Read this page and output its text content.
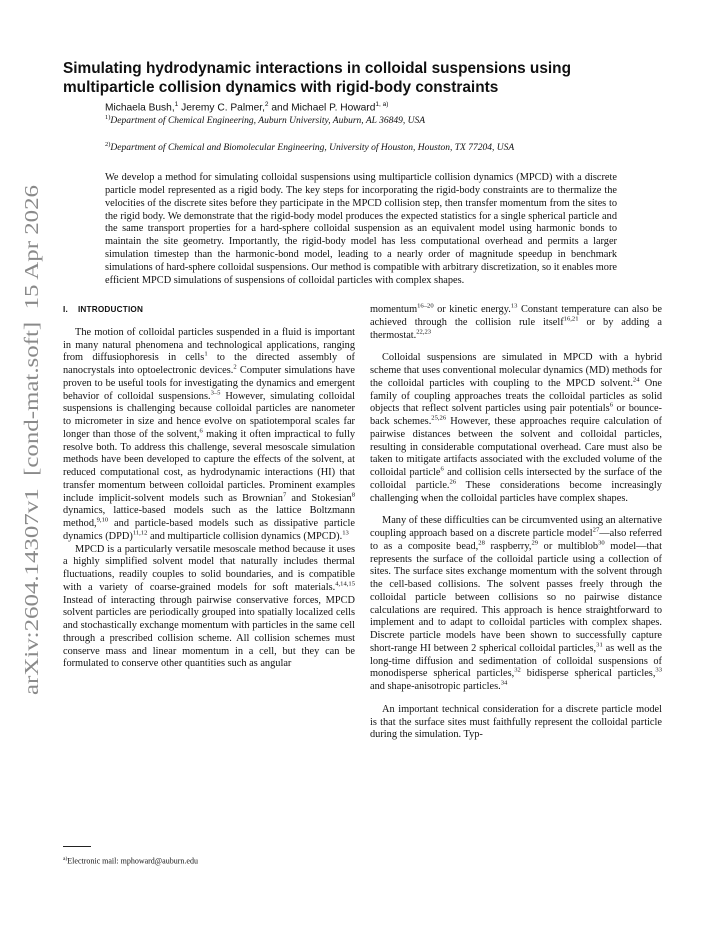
arXiv:2604.14307v1  [cond-mat.soft]  15 Apr 2026
Simulating hydrodynamic interactions in colloidal suspensions using multiparticle collision dynamics with rigid-body constraints
Michaela Bush,$^1$ Jeremy C. Palmer,$^2$ and Michael P. Howard$^{1, a)}$
$^{1)}$Department of Chemical Engineering, Auburn University, Auburn, AL 36849, USA
$^{2)}$Department of Chemical and Biomolecular Engineering, University of Houston, Houston, TX 77204, USA

We develop a method for simulating colloidal suspensions using multiparticle collision dynamics (MPCD) with a discrete particle model represented as a rigid body. The key steps for incorporating the rigid-body constraints are to thermalize the velocities of the discrete sites before they participate in the MPCD collision step, then transfer momentum from the sites to the rigid body. We demonstrate that the rigid-body model produces the expected statistics for a single spherical particle and the same transport properties for a hard-sphere colloidal suspension as an equivalent model using harmonic bonds to maintain the site geometry. Importantly, the rigid-body model has less computational overhead and permits a larger simulation timestep than the harmonic-bond model, leading to a nearly order of magnitude speedup in benchmark simulations of hard-sphere colloidal suspensions. Our method is compatible with arbitrary discretization, so it enables more efficient MPCD simulations of suspensions of colloidal particles with complex shapes.

I. INTRODUCTION

The motion of colloidal particles suspended in a fluid is important in many natural phenomena and technological applications, ranging from diffusiophoresis in cells$^1$ to the directed assembly of nanocrystals into optoelectronic devices.$^2$ Computer simulations have proven to be useful tools for investigating the dynamics and emergent behavior of colloidal suspensions.$^{3-5}$ However, simulating colloidal suspensions is challenging because colloidal particles are nanometer to micrometer in size and hence evolve on spatiotemporal scales far longer than those of the solvent,$^6$ making it often impractical to fully resolve both. To address this challenge, several mesoscale simulation methods have been developed to capture the effects of the solvent, at reduced computational cost, as hydrodynamic interactions (HI) that transfer momentum between colloidal particles. Prominent examples include implicit-solvent models such as Brownian$^7$ and Stokesian$^8$ dynamics, lattice-based models such as the lattice Boltzmann method,$^{9,10}$ and particle-based models such as dissipative particle dynamics (DPD)$^{11,12}$ and multiparticle collision dynamics (MPCD).$^{13}$

MPCD is a particularly versatile mesoscale method because it uses a highly simplified solvent model that naturally includes thermal fluctuations, readily couples to solid boundaries, and is compatible with a variety of coarse-grained models for soft materials.$^{4,14,15}$ Instead of interacting through pairwise conservative forces, MPCD solvent particles are periodically grouped into spatially localized cells and stochastically exchange momentum with particles in the same cell through a prescribed collision scheme. All collision schemes must conserve mass and linear momentum in a cell, but they can be formulated to conserve other quantities such as angular

momentum$^{16-20}$ or kinetic energy.$^{13}$ Constant temperature can also be achieved through the collision rule itself$^{16,21}$ or by adding a thermostat.$^{22,23}$

Colloidal suspensions are simulated in MPCD with a hybrid scheme that uses conventional molecular dynamics (MD) methods for the colloidal particles with coupling to the MPCD solvent.$^{24}$ One family of coupling approaches treats the colloidal particles as solid objects that reflect solvent particles using pair potentials$^6$ or bounce-back schemes.$^{25,26}$ However, these approaches require calculation of pairwise distances between the solvent and colloidal particles, resulting in considerable computational overhead. Care must also be taken to mitigate artifacts associated with the excluded volume of the colloidal particle$^6$ and collision cells intersected by the surface of the colloidal particle.$^{26}$ These considerations become increasingly challenging when the colloidal particles have complex shapes.

Many of these difficulties can be circumvented using an alternative coupling approach based on a discrete particle model$^{27}$—also referred to as a composite bead,$^{28}$ raspberry,$^{29}$ or multiblob$^{30}$ model—that represents the surface of the colloidal particle using a collection of sites. The surface sites exchange momentum with the solvent through the cell-based collisions. The solvent passes freely through the colloidal particle between collisions so no pairwise distance calculations are required. This approach is hence straightforward to implement and to adapt to colloidal particles with complex shapes. Discrete particle models have been shown to successfully capture short-range HI between 2 spherical colloidal particles,$^{31}$ as well as the long-time diffusion and sedimentation of colloidal suspensions of monodisperse spherical particles,$^{32}$ bidisperse spherical particles,$^{33}$ and shape-anisotropic particles.$^{34}$

An important technical consideration for a discrete particle model is that the surface sites must faithfully represent the colloidal particle during the simulation. Typ-

$^{a)}$Electronic mail: mphoward@auburn.edu
